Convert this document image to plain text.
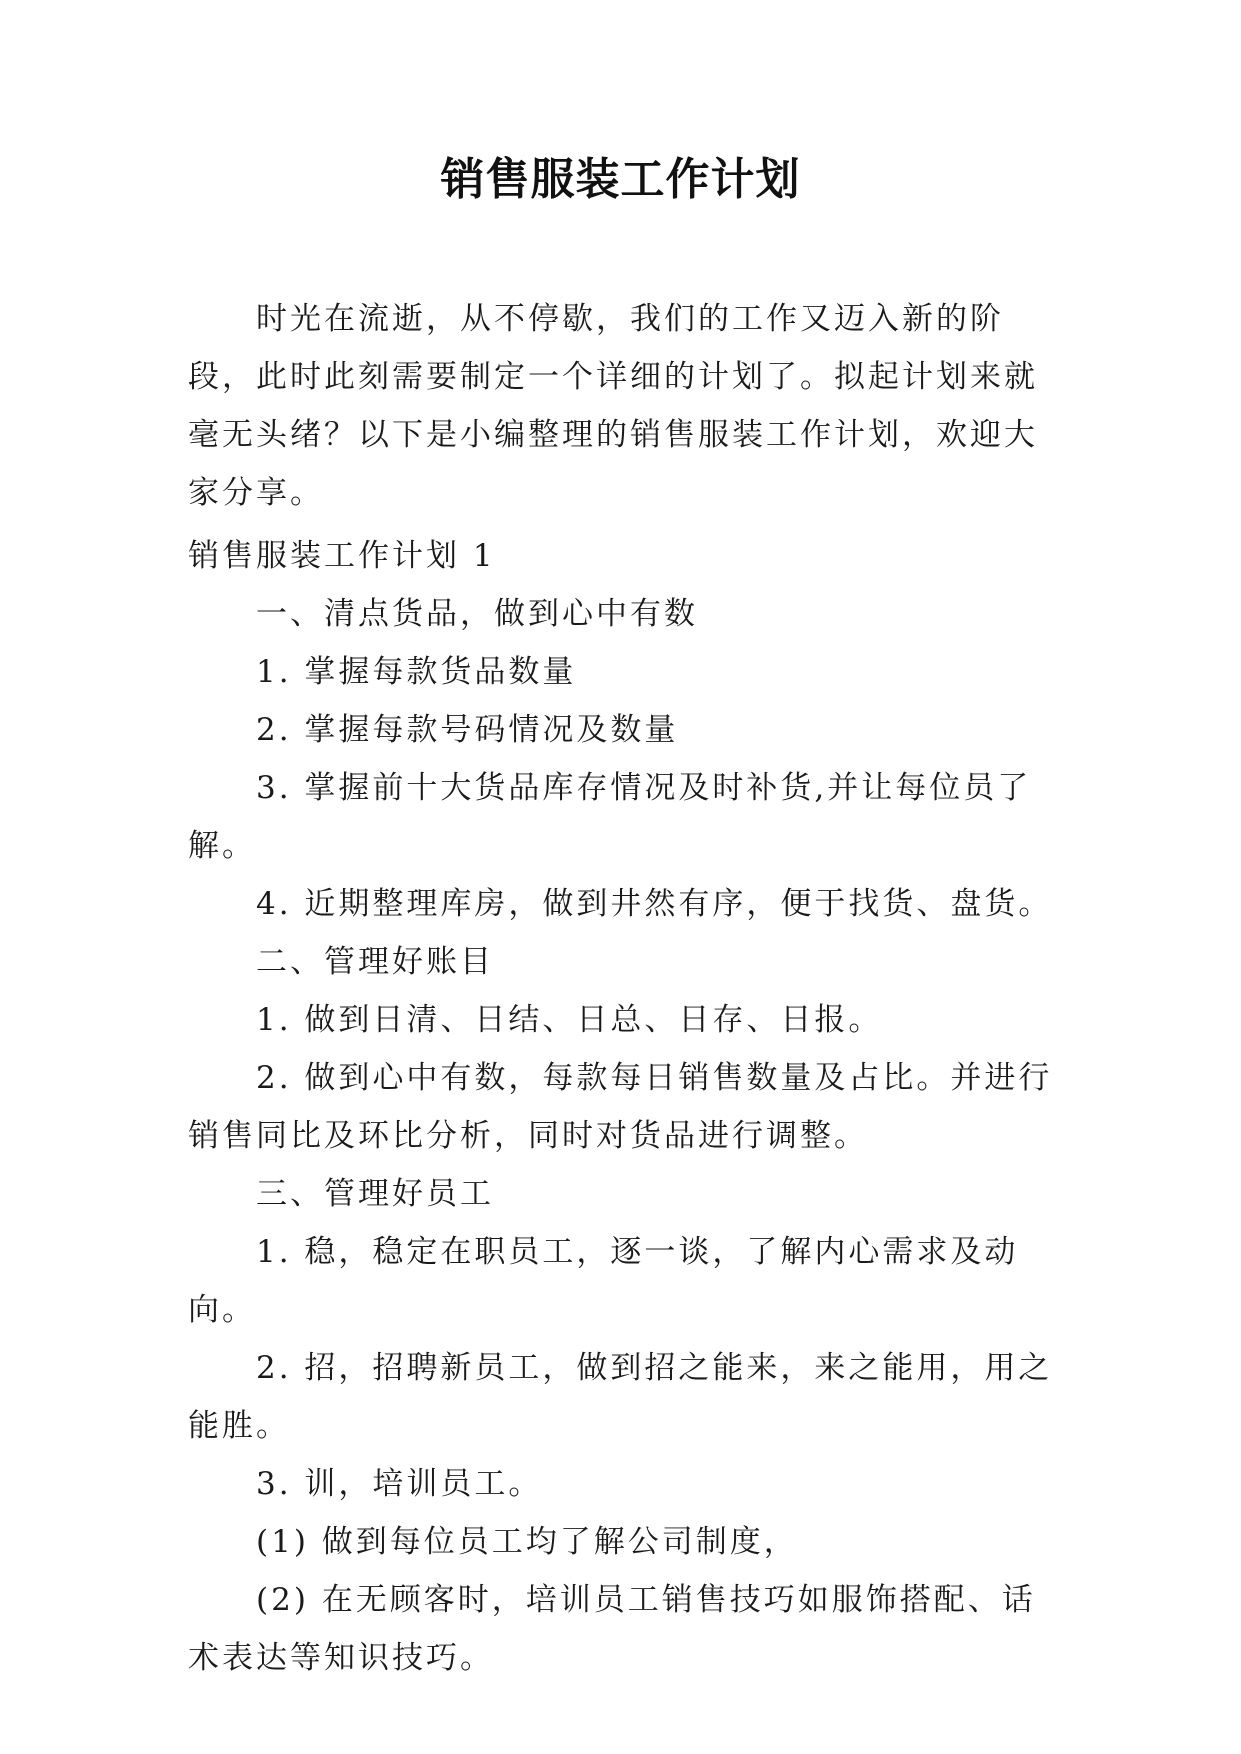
销售服装工作计划

时光在流逝，从不停歇，我们的工作又迈入新的阶段，此时此刻需要制定一个详细的计划了。拟起计划来就毫无头绪？以下是小编整理的销售服装工作计划，欢迎大家分享。

销售服装工作计划 1

一、清点货品，做到心中有数

1. 掌握每款货品数量

2. 掌握每款号码情况及数量

3. 掌握前十大货品库存情况及时补货,并让每位员了解。

4. 近期整理库房，做到井然有序，便于找货、盘货。

二、管理好账目

1. 做到日清、日结、日总、日存、日报。

2. 做到心中有数，每款每日销售数量及占比。并进行销售同比及环比分析，同时对货品进行调整。

三、管理好员工

1. 稳，稳定在职员工，逐一谈，了解内心需求及动向。

2. 招，招聘新员工，做到招之能来，来之能用，用之能胜。

3. 训，培训员工。

(1) 做到每位员工均了解公司制度，

(2) 在无顾客时，培训员工销售技巧如服饰搭配、话术表达等知识技巧。
